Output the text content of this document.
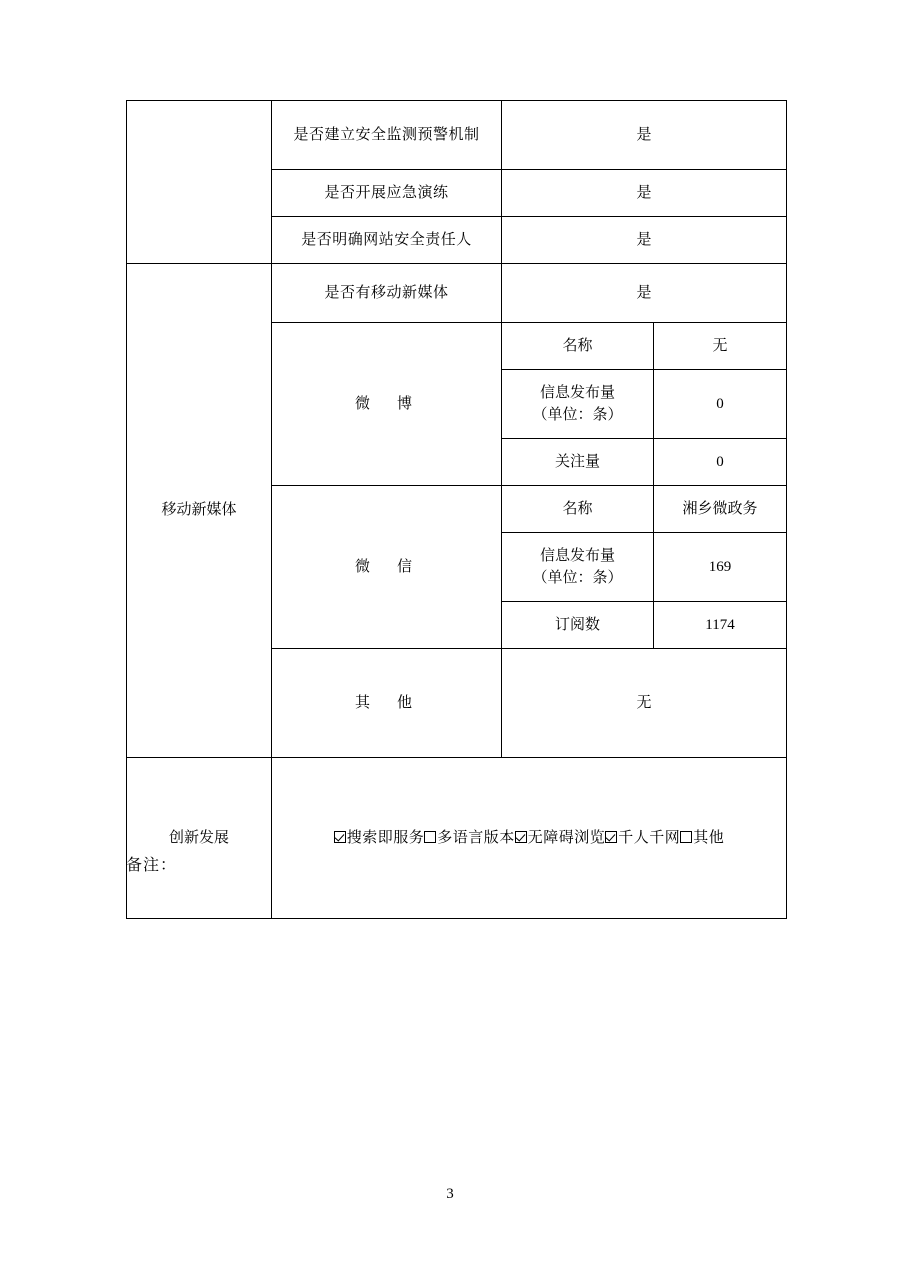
	是否建立安全监测预警机制	是	
	是否开展应急演练	是	
	是否明确网站安全责任人	是	
移动新媒体	是否有移动新媒体	是	
	微　博	名称	无

		信息发布量
（单位：条）	0
		关注量	0
	微　信	名称	湘乡微政务

		信息发布量
（单位：条）	169
		订阅数	1174
	其　他	无	
创新发展	搜索即服务 多语言版本 无障碍浏览 千人千网 其他		
备注：
3
